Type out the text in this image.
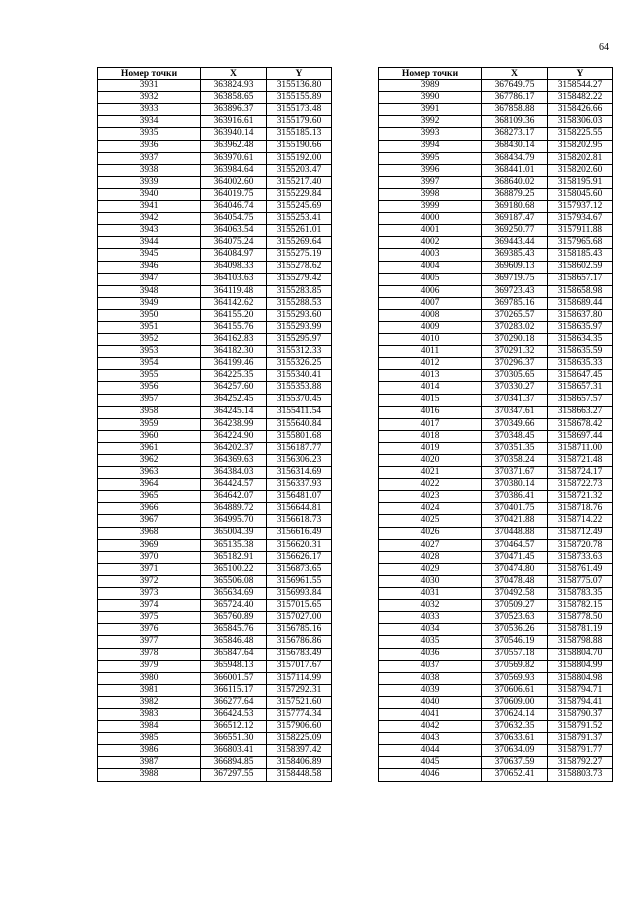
64
Номер точки	X	Y
3931	363824.93	3155136.80
3932	363858.65	3155155.89
3933	363896.37	3155173.48
3934	363916.61	3155179.60
3935	363940.14	3155185.13
3936	363962.48	3155190.66
3937	363970.61	3155192.00
3938	363984.64	3155203.47
3939	364002.60	3155217.40
3940	364019.75	3155229.84
3941	364046.74	3155245.69
3942	364054.75	3155253.41
3943	364063.54	3155261.01
3944	364075.24	3155269.64
3945	364084.97	3155275.19
3946	364098.33	3155278.62
3947	364103.63	3155279.42
3948	364119.48	3155283.85
3949	364142.62	3155288.53
3950	364155.20	3155293.60
3951	364155.76	3155293.99
3952	364162.83	3155295.97
3953	364182.30	3155312.33
3954	364199.46	3155326.25
3955	364225.35	3155340.41
3956	364257.60	3155353.88
3957	364252.45	3155370.45
3958	364245.14	3155411.54
3959	364238.99	3155640.84
3960	364224.90	3155801.68
3961	364202.37	3156187.77
3962	364369.63	3156306.23
3963	364384.03	3156314.69
3964	364424.57	3156337.93
3965	364642.07	3156481.07
3966	364889.72	3156644.81
3967	364995.70	3156618.73
3968	365004.39	3156616.49
3969	365135.38	3156620.31
3970	365182.91	3156626.17
3971	365100.22	3156873.65
3972	365506.08	3156961.55
3973	365634.69	3156993.84
3974	365724.40	3157015.65
3975	365760.89	3157027.00
3976	365845.76	3156785.16
3977	365846.48	3156786.86
3978	365847.64	3156783.49
3979	365948.13	3157017.67
3980	366001.57	3157114.99
3981	366115.17	3157292.31
3982	366277.64	3157521.60
3983	366424.53	3157774.34
3984	366512.12	3157906.60
3985	366551.30	3158225.09
3986	366803.41	3158397.42
3987	366894.85	3158406.89
3988	367297.55	3158448.58
Номер точки	X	Y
3989	367649.75	3158544.27
3990	367786.17	3158482.22
3991	367858.88	3158426.66
3992	368109.36	3158306.03
3993	368273.17	3158225.55
3994	368430.14	3158202.95
3995	368434.79	3158202.81
3996	368441.01	3158202.60
3997	368640.02	3158195.91
3998	368879.25	3158045.60
3999	369180.68	3157937.12
4000	369187.47	3157934.67
4001	369250.77	3157911.88
4002	369443.44	3157965.68
4003	369385.43	3158185.43
4004	369609.13	3158602.59
4005	369719.75	3158657.17
4006	369723.43	3158658.98
4007	369785.16	3158689.44
4008	370265.57	3158637.80
4009	370283.02	3158635.97
4010	370290.18	3158634.35
4011	370291.32	3158635.59
4012	370296.37	3158635.33
4013	370305.65	3158647.45
4014	370330.27	3158657.31
4015	370341.37	3158657.57
4016	370347.61	3158663.27
4017	370349.66	3158678.42
4018	370348.45	3158697.44
4019	370351.35	3158711.00
4020	370358.24	3158721.48
4021	370371.67	3158724.17
4022	370380.14	3158722.73
4023	370386.41	3158721.32
4024	370401.75	3158718.76
4025	370421.88	3158714.22
4026	370448.88	3158712.49
4027	370464.57	3158720.78
4028	370471.45	3158733.63
4029	370474.80	3158761.49
4030	370478.48	3158775.07
4031	370492.58	3158783.35
4032	370509.27	3158782.15
4033	370523.63	3158778.50
4034	370536.26	3158781.19
4035	370546.19	3158798.88
4036	370557.18	3158804.70
4037	370569.82	3158804.99
4038	370569.93	3158804.98
4039	370606.61	3158794.71
4040	370609.00	3158794.41
4041	370624.14	3158790.37
4042	370632.35	3158791.52
4043	370633.61	3158791.37
4044	370634.09	3158791.77
4045	370637.59	3158792.27
4046	370652.41	3158803.73
